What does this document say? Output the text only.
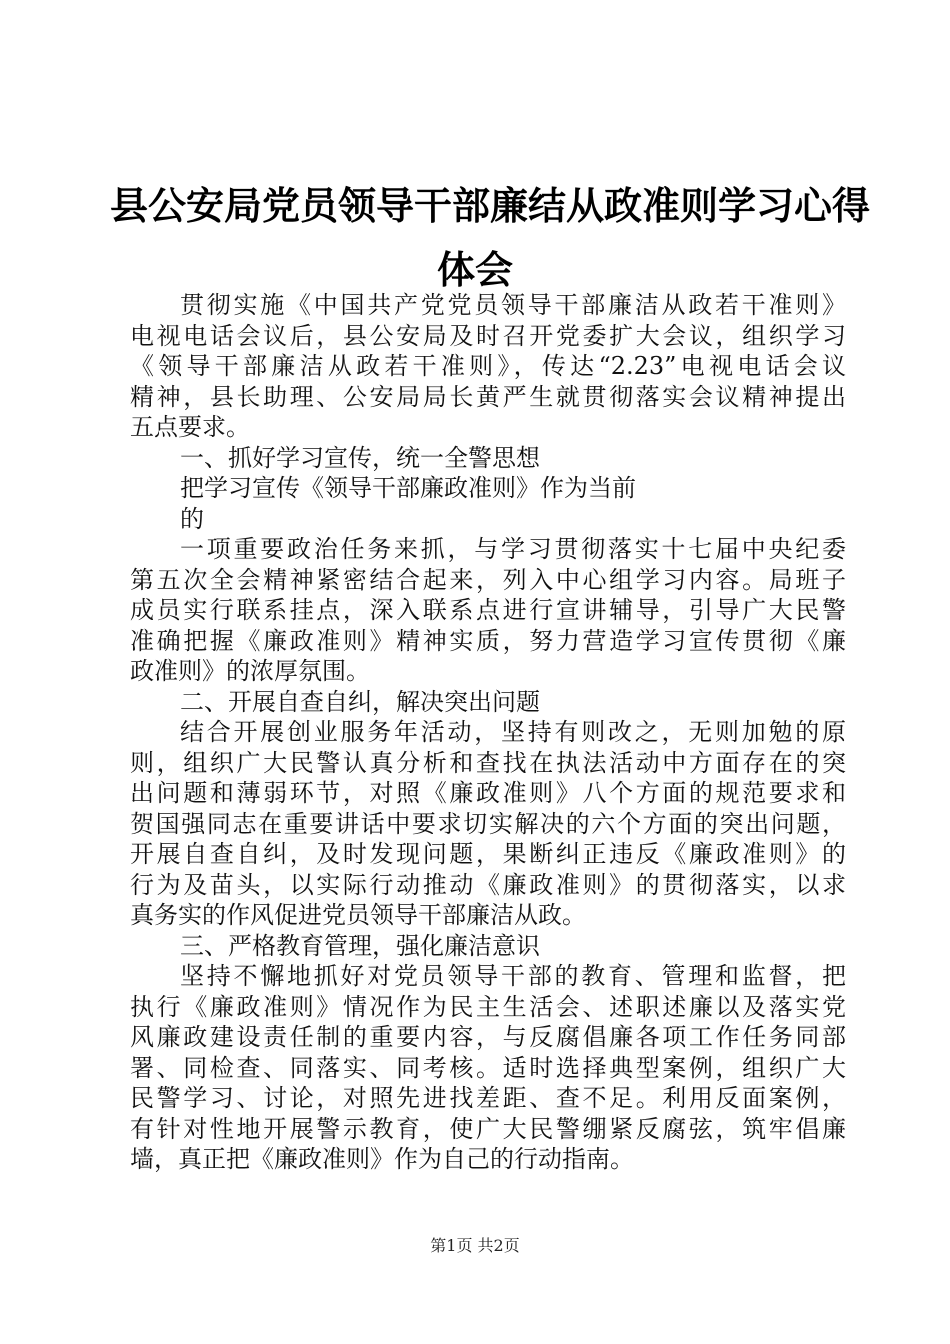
县公安局党员领导干部廉结从政准则学习心得
体会
贯彻实施《中国共产党党员领导干部廉洁从政若干准则》
电视电话会议后，县公安局及时召开党委扩大会议，组织学习
《领导干部廉洁从政若干准则》，传达“2.23”电视电话会议
精神，县长助理、公安局局长黄严生就贯彻落实会议精神提出
五点要求。
一、抓好学习宣传，统一全警思想
把学习宣传《领导干部廉政准则》作为当前
的
一项重要政治任务来抓，与学习贯彻落实十七届中央纪委
第五次全会精神紧密结合起来，列入中心组学习内容。局班子
成员实行联系挂点，深入联系点进行宣讲辅导，引导广大民警
准确把握《廉政准则》精神实质，努力营造学习宣传贯彻《廉
政准则》的浓厚氛围。
二、开展自查自纠，解决突出问题
结合开展创业服务年活动，坚持有则改之，无则加勉的原
则，组织广大民警认真分析和查找在执法活动中方面存在的突
出问题和薄弱环节，对照《廉政准则》八个方面的规范要求和
贺国强同志在重要讲话中要求切实解决的六个方面的突出问题，
开展自查自纠，及时发现问题，果断纠正违反《廉政准则》的
行为及苗头，以实际行动推动《廉政准则》的贯彻落实，以求
真务实的作风促进党员领导干部廉洁从政。
三、严格教育管理，强化廉洁意识
坚持不懈地抓好对党员领导干部的教育、管理和监督，把
执行《廉政准则》情况作为民主生活会、述职述廉以及落实党
风廉政建设责任制的重要内容，与反腐倡廉各项工作任务同部
署、同检查、同落实、同考核。适时选择典型案例，组织广大
民警学习、讨论，对照先进找差距、查不足。利用反面案例，
有针对性地开展警示教育，使广大民警绷紧反腐弦，筑牢倡廉
墙，真正把《廉政准则》作为自己的行动指南。
第1页 共2页
